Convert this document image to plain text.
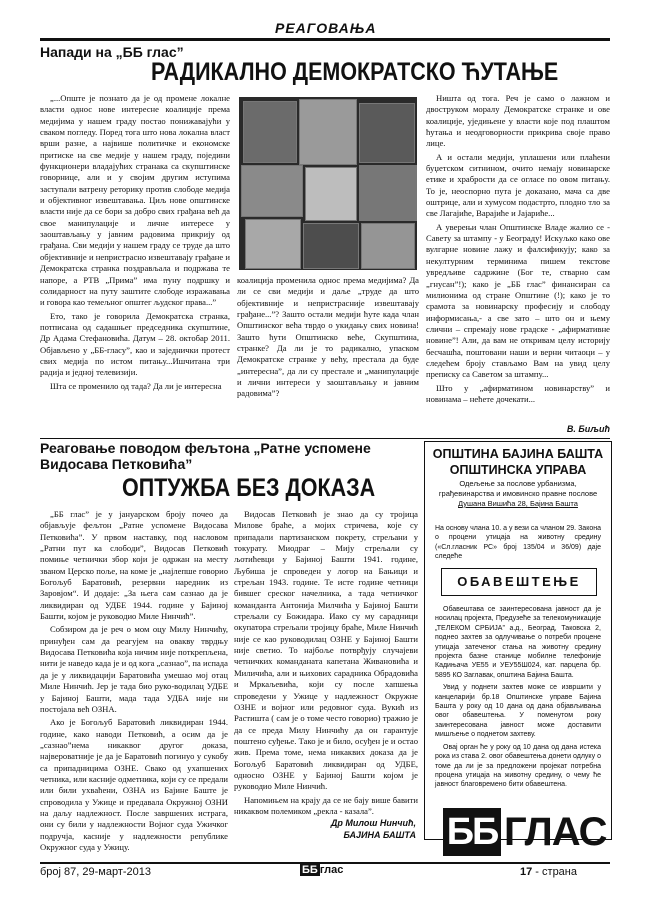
РЕАГОВАЊА
Напади на „ББ глас”
РАДИКАЛНО ДЕМОКРАТСКО ЋУТАЊЕ

„...Опште је познато да је од промене локалне власти однос нове интересне коалиције према медијима у нашем граду постао понижавајући у сваком погледу. Поред тога што нова локална власт врши разне, а највише политичке и економске притиске на све медије у нашем граду, поједини функционери владајућих странака са скупштинске говорнице, али и у својим другим иступима заступали ватрену реторику против слободе медија и објективног извештавања. Циљ нове општинске власти није да се бори за добро свих грађана већ да свое манипулације и личне интересе у заоштављању у јавним радовима прикрију од грађана. Сви медији у нашем граду се труде да што објективније и непристрасно извештавају грађане и Демократска странка поздрављала и подржава те напоре, а РТВ „Прима” има пуну подршку и солидарност на путу заштите слободе изражавања и говора као темељног општег људског права...”

Ето, тако је говорила Демократска странка, потписана од садашњег председника скупштине, Др Адама Стефановића. Датум – 28. октобар 2011. Објављено у „ББ-гласу”, као и заједнички протест свих медија по истом питању...Ишчитана три радија и једној телевизији.

Шта се променило од тада? Да ли је интересна

коалиција променила однос према медијима? Да ли се сви медији и даље „труде да што објективније и непристрасније извештавају грађане...”? Зашто остали медији ћуте када члан Општинског већа тврдо о укидању свих новина! Зашто ћути Општинско веће, Скупштина, странке? Да ли је то радикално, упаском Демократске странке у већу, престала да буде „интересна”, да ли су престале и „манипулације и лични интереси у заоштављању и јавним радовима”?

Ништа од тога. Реч је само о лажном и двоструком моралу Демократске странке и ове коалиције, уједињене у власти које под плаштом ћутања и неодговорности прикрива своје право лице.

А и остали медији, уплашени или плаћени буџетском ситнином, очито немају новинарске етике и храбрости да се огласе по овом питању. То је, неоспорно пута је доказано, мача са две оштрице, али и хумусом подастрто, плодно тло за све Лагајиће, Варајиће и Јајариће...

А уверењи члан Општинске Владе жалио се - Савету за штампу - у Београду! Искуљко како ове вулгарне новине лажу и фалсификују; како за некултурним терминима пишем текстове увредљиве садржине (Бог те, стварно сам „гнусан”!); како је „ББ глас” финансиран са милионима од стране Општине (!); како је то срамота за новинарску професију и слободу информисања,- а све зато – што он и њему слични – спремају нове градске - „афирмативне новине”! Али, да вам не откривам целу историју бесчашћа, поштовани наши и верни читаоци – у следећем броју стављамо Вам на увид целу преписку са Саветом за штампу...

Што у „афирматином новинарству” и новинама – нећете дочекати...

В. Биљић
Реаговање поводом фељтона „Ратне успомене Видосава Петковића”
ОПТУЖБА БЕЗ ДОКАЗА

„ББ глас” је у јануарском броју почео да објављује фељтон „Ратне успомене Видосава Петковића”. У првом наставку, под насловом „Ратни пут ка слободи”, Видосав Петковић помиње четнички збор који је одржан на месту званом Церско поље, на коме је „најлепше говорио Богољуб Баратовић, резервни наредник из Заровјом“. И додаје: „За њега сам сазнао да је ликвидиран од УДБЕ 1944. године у Бајиној Башти, којом је руководио Миле Нинчић”.

Собзиром да је реч о мом оцу Милу Нинчићу, принуђен сам да реагујем на овакву тврдњу Видосава Петковића која ничим није поткрепљена, нити је наведо када је и од кога „сазнао”, па испада да је у ликвидацији Баратовића умешао мој отац Миле Нинчић. Јер је тада био руко-водилац УДБЕ у Бајиној Башти, мада тада УДБА није ни постојала већ ОЗНА.

Ако је Богољуб Баратовић ликвидиран 1944. године, како наводи Петковић, а осим да је „сазнао”нема никаквог другог доказа, највероватније је да је Баратовић погинуо у сукобу са припадницима ОЗНЕ. Свако од ухапшених четника, или касније одметника, који су се предали или били ухваћени, ОЗНА из Бајине Баште је спроводила у Ужице и предавала Окружној ОЗНИ на даљу надлежност. После завршених истрага, они су били у надлежности Војног суда Ужичког подручја, касније у надлежности републике Окружног суда у Ужицу.

Видосав Петковић је знао да су тројица Милове браће, а мојих стричева, које су припадали партизанском покрету, стрељани у токурату. Миодраг – Мију стрељали су љотићевци у Бајиној Башти 1941. године, Љубиша је спроведен у логор на Бањици и стрељан 1943. године. Те исте године четници бившег среског начелника, а тада четничког команданта Антонија Милчића у Бајиној Башти стрељали су Божидара. Иако су му сарадници окупатора стрељали тројицу браће, Миле Нинчић није се као руководилац ОЗНЕ у Бајиној Башти није светио. То најбоље потврђују случајеви четничких команданата капетана Живановића и Миличића, али и њихових сарадника Обрадовића и Мркаљевића, који су после хапшења спроведени у Ужице у надлежност Окружне ОЗНЕ и војног или редовног суда. Вукић из Растишта ( сам је о томе често говорио) тражио је да се преда Милу Нинчићу да он гарантује поштено суђење. Тако је и било, осуђен је и остао жив. Према томе, нема никаквих доказа да је Богољуб Баратовић ликвидиран од УДБЕ, односно ОЗНЕ у Бајиној Башти којом је руководио Миле Нинчић.

Напомињем на крају да се не бају више бавити никаквом полемиком „рекла - казала”.

Др Милош Нинчић,
БАЈИНА БАШТА
ОПШТИНА БАЈИНА БАШТА
ОПШТИНСКА УПРАВА
Одељење за послове урбанизма, грађевинарства и имовинско правне послове
Душана Вишића 28, Бајина Башта
На основу члана 10. а у вези са чланом 29. Закона о процени утицаја на животну средину («Сл.гласник РС» број 135/04 и 36/09) даје следеће
ОБАВЕШТЕЊЕ

Обавештава се заинтересована јавност да је носилац пројекта, Предузеће за телекомуникације „ТЕЛЕКОМ СРБИЈА” а.д., Београд, Таковска 2, поднео захтев за одлучивање о потреби процене утицаја затеченог стања на животну средину пројекта базне станице мобилне телефоније Кадињача УЕ55 и УЕУ55Ш024, кат. парцела бр. 5895 КО Заглавак, општина Бајина Башта.

Увид у поднети захтев може се извршити у канцеларији бр.18 Општинске управе Бајина Башта у року од 10 дана од дана објављивања овог обавештења. У поменутом року заинтересована јавност може доставити мишљење о поднетом захтеву.

Овај орган ће у року од 10 дана од дана истека рока из става 2. овог обавештења донети одлуку о томе да ли је за предложени пројекат потребна процена утицаја на животну средину, о чему ће јавност благовремено бити обавештена.

ББ ГЛАС
број 87, 29-март-2013	ББ глас	17 - страна
